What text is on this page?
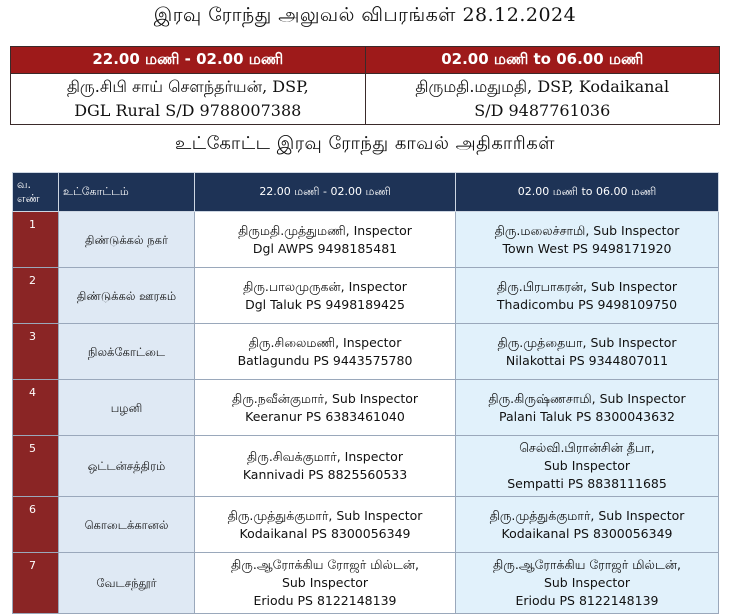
இரவு ரோந்து அலுவல் விபரங்கள் 28.12.2024
22.00 மணி - 02.00 மணி	02.00 மணி to 06.00 மணி

திரு.சிபி சாய் சௌந்தர்யன், DSP,
DGL Rural S/D 9788007388	திருமதி.மதுமதி, DSP, Kodaikanal
S/D 9487761036
உட்கோட்ட இரவு ரோந்து காவல் அதிகாரிகள்
வ. எண்	உட்கோட்டம்	22.00 மணி - 02.00 மணி	02.00 மணி to 06.00 மணி
1	திண்டுக்கல் நகர்	திருமதி.முத்துமணி, Inspector
Dgl AWPS 9498185481	திரு.மலைச்சாமி, Sub Inspector
Town West PS 9498171920

2	திண்டுக்கல் ஊரகம்	திரு.பாலமுருகன், Inspector
Dgl Taluk PS 9498189425	திரு.பிரபாகரன், Sub Inspector
Thadicombu PS 9498109750

3	நிலக்கோட்டை	திரு.சிலைமணி, Inspector
Batlagundu PS 9443575780	திரு.முத்தையா, Sub Inspector
Nilakottai PS 9344807011

4	பழனி	திரு.நவீன்குமார், Sub Inspector
Keeranur PS 6383461040	திரு.கிருஷ்ணசாமி, Sub Inspector
Palani Taluk PS 8300043632

5	ஒட்டன்சத்திரம்	திரு.சிவக்குமார், Inspector
Kannivadi PS 8825560533	செல்வி.பிரான்சின் தீபா,
Sub Inspector
Sempatti PS 8838111685

6	கொடைக்கானல்	திரு.முத்துக்குமார், Sub Inspector
Kodaikanal PS 8300056349	திரு.முத்துக்குமார், Sub Inspector
Kodaikanal PS 8300056349

7	வேடசந்தூர்	திரு.ஆரோக்கிய ரோஜர் மில்டன்,
Sub Inspector
Eriodu PS 8122148139	திரு.ஆரோக்கிய ரோஜர் மில்டன்,
Sub Inspector
Eriodu PS 8122148139
